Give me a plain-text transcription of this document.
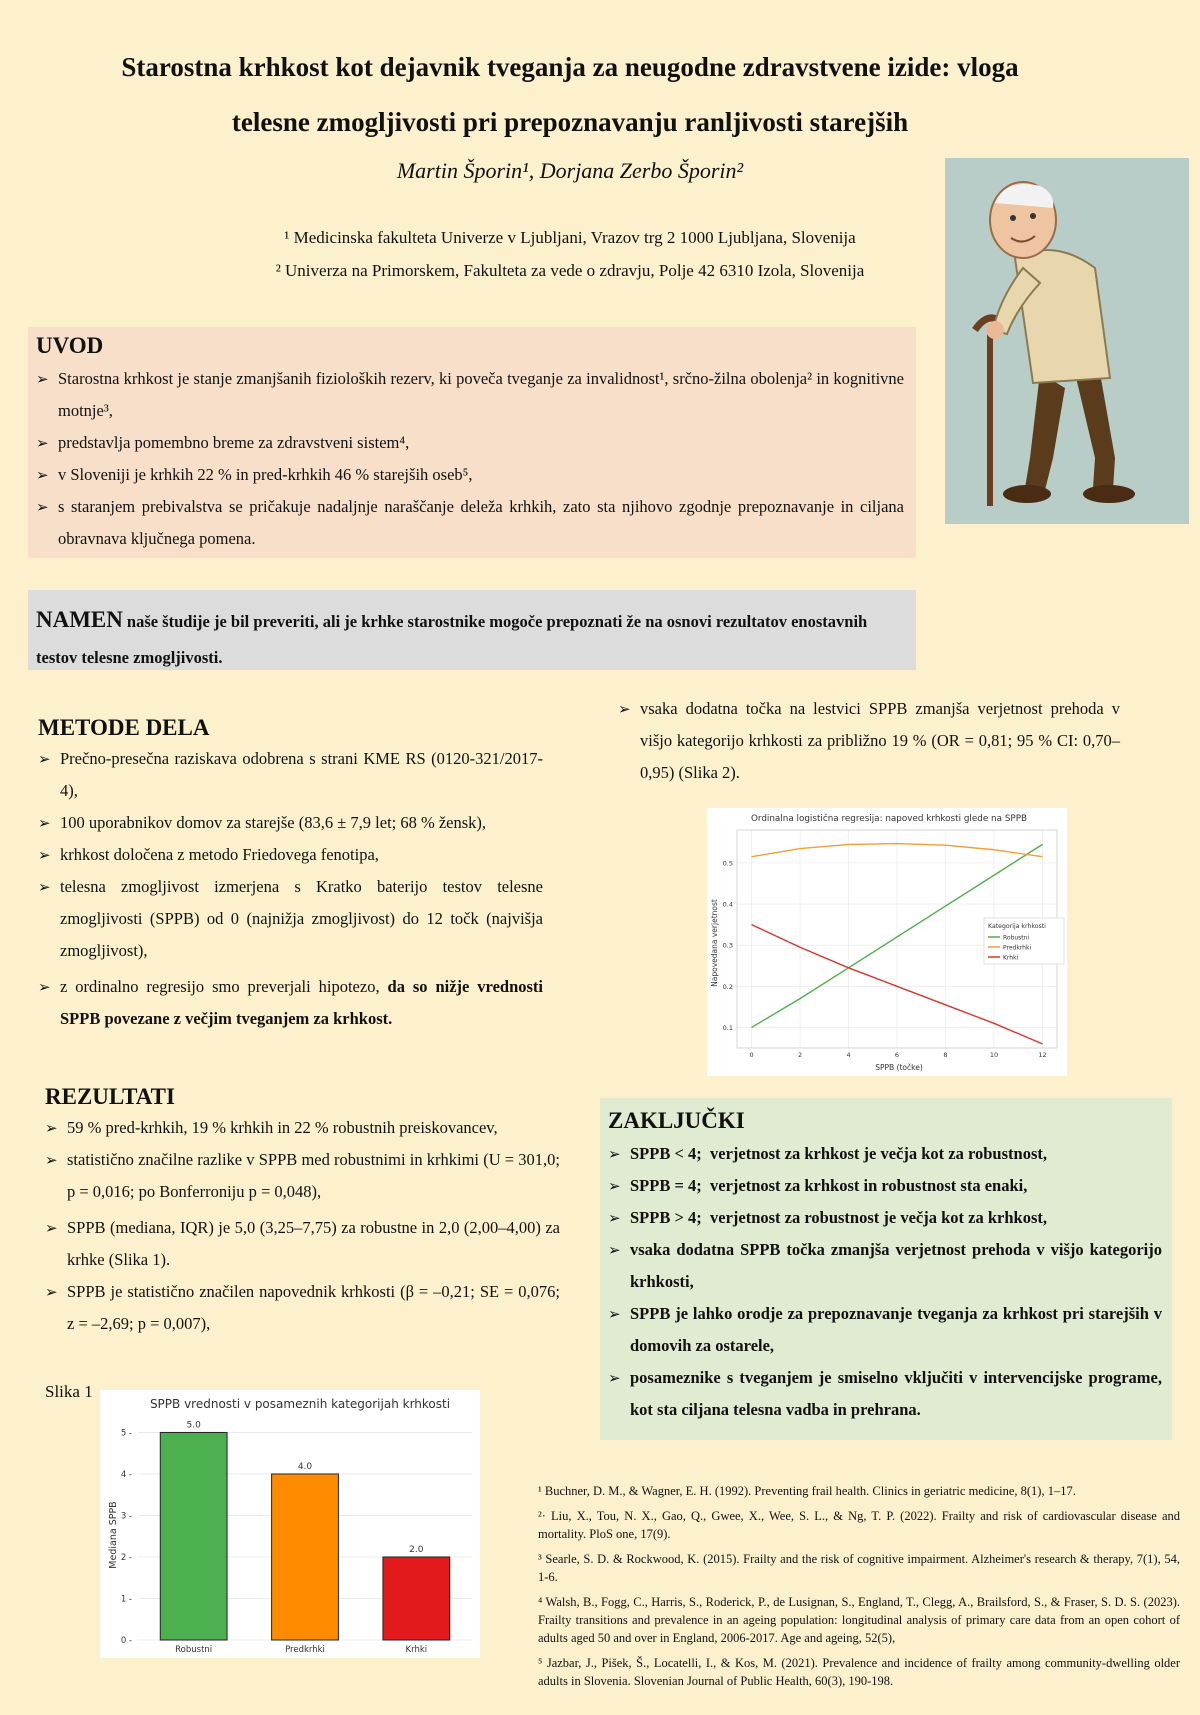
Starostna krhkost kot dejavnik tveganja za neugodne zdravstvene izide: vloga
telesne zmogljivosti pri prepoznavanju ranljivosti starejših
Martin Šporin¹, Dorjana Zerbo Šporin²
¹ Medicinska fakulteta Univerze v Ljubljani, Vrazov trg 2 1000 Ljubljana, Slovenija
² Univerza na Primorskem, Fakulteta za vede o zdravju, Polje 42 6310 Izola, Slovenija
UVOD
➢ Starostna krhkost je stanje zmanjšanih fizioloških rezerv, ki poveča tveganje za invalidnost¹, srčno-žilna obolenja² in kognitivne motnje³,
➢ predstavlja pomembno breme za zdravstveni sistem⁴,
➢ v Sloveniji je krhkih 22 % in pred-krhkih 46 % starejših oseb⁵,
➢ s staranjem prebivalstva se pričakuje nadaljnje naraščanje deleža krhkih, zato sta njihovo zgodnje prepoznavanje in ciljana obravnava ključnega pomena.
NAMEN naše študije je bil preveriti, ali je krhke starostnike mogoče prepoznati že na osnovi rezultatov enostavnih testov telesne zmogljivosti.
METODE DELA
➢ Prečno-presečna raziskava odobrena s strani KME RS (0120-321/2017-4),
➢ 100 uporabnikov domov za starejše (83,6 ± 7,9 let; 68 % žensk),
➢ krhkost določena z metodo Friedovega fenotipa,
➢ telesna zmogljivost izmerjena s Kratko baterijo testov telesne zmogljivosti (SPPB) od 0 (najnižja zmogljivost) do 12 točk (najvišja zmogljivost),
➢ z ordinalno regresijo smo preverjali hipotezo, da so nižje vrednosti SPPB povezane z večjim tveganjem za krhkost.
➢ vsaka dodatna točka na lestvici SPPB zmanjša verjetnost prehoda v višjo kategorijo krhkosti za približno 19 % (OR = 0,81; 95 % CI: 0,70–0,95) (Slika 2).
Ordinalna logistična regresija: napoved krhkosti glede na SPPB
SPPB (točke)
Napovedana verjetnost
0.1
0.2
0.3
0.4
0.5
0	2	4	6	8	10	12
Kategorija krhkosti
Robustni
Predkrhki
Krhki
REZULTATI
➢ 59 % pred-krhkih, 19 % krhkih in 22 % robustnih preiskovancev,
➢ statistično značilne razlike v SPPB med robustnimi in krhkimi (U = 301,0; p = 0,016; po Bonferroniju p = 0,048),
➢ SPPB (mediana, IQR) je 5,0 (3,25–7,75) za robustne in 2,0 (2,00–4,00) za krhke (Slika 1).
➢ SPPB je statistično značilen napovednik krhkosti (β = –0,21; SE = 0,076; z = –2,69; p = 0,007),
Slika 1
SPPB vrednosti v posameznih kategorijah krhkosti
Mediana SPPB
0 -
1 -
2 -
3 -
4 -
5 -
5.0
Robustni
4.0
Predkrhki
2.0
Krhki
ZAKLJUČKI
➢ SPPB < 4; verjetnost za krhkost je večja kot za robustnost,
➢ SPPB = 4; verjetnost za krhkost in robustnost sta enaki,
➢ SPPB > 4; verjetnost za robustnost je večja kot za krhkost,
➢ vsaka dodatna SPPB točka zmanjša verjetnost prehoda v višjo kategorijo krhkosti,
➢ SPPB je lahko orodje za prepoznavanje tveganja za krhkost pri starejših v domovih za ostarele,
➢ posameznike s tveganjem je smiselno vključiti v intervencijske programe, kot sta ciljana telesna vadba in prehrana.

¹ Buchner, D. M., & Wagner, E. H. (1992). Preventing frail health. Clinics in geriatric medicine, 8(1), 1–17.

²· Liu, X., Tou, N. X., Gao, Q., Gwee, X., Wee, S. L., & Ng, T. P. (2022). Frailty and risk of cardiovascular disease and mortality. PloS one, 17(9).

³ Searle, S. D. & Rockwood, K. (2015). Frailty and the risk of cognitive impairment. Alzheimer's research & therapy, 7(1), 54, 1-6.

⁴ Walsh, B., Fogg, C., Harris, S., Roderick, P., de Lusignan, S., England, T., Clegg, A., Brailsford, S., & Fraser, S. D. S. (2023). Frailty transitions and prevalence in an ageing population: longitudinal analysis of primary care data from an open cohort of adults aged 50 and over in England, 2006-2017. Age and ageing, 52(5),

⁵ Jazbar, J., Pišek, Š., Locatelli, I., & Kos, M. (2021). Prevalence and incidence of frailty among community-dwelling older adults in Slovenia. Slovenian Journal of Public Health, 60(3), 190-198.
